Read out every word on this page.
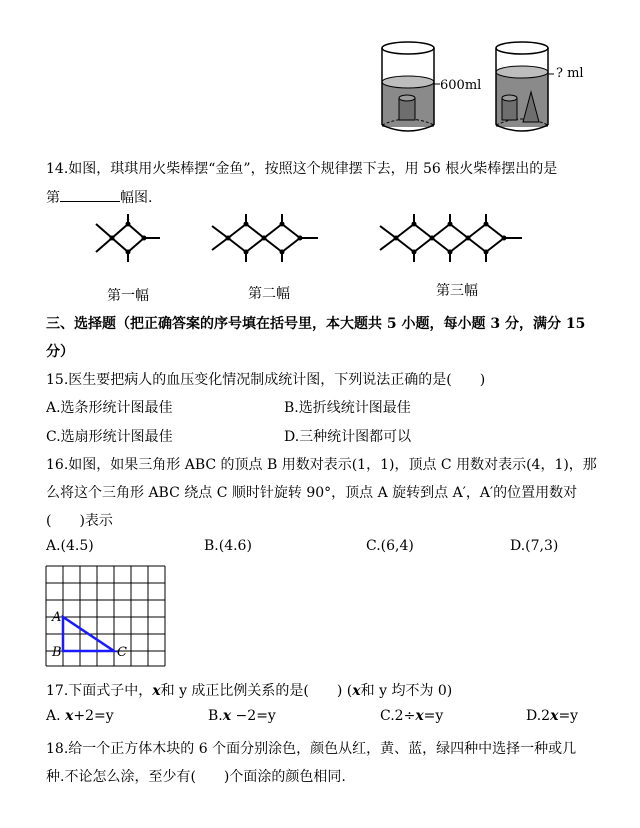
600ml
? ml
14.如图，琪琪用火柴棒摆“金鱼”，按照这个规律摆下去，用 56 根火柴棒摆出的是
第	幅图.
第一幅	第二幅	第三幅
三、选择题（把正确答案的序号填在括号里，本大题共 5 小题，每小题 3 分，满分 15
分）
15.医生要把病人的血压变化情况制成统计图，下列说法正确的是(　　)
A.选条形统计图最佳	B.选折线统计图最佳
C.选扇形统计图最佳	D.三种统计图都可以
16.如图，如果三角形 ABC 的顶点 B 用数对表示(1，1)，顶点 C 用数对表示(4，1)，那
么将这个三角形 ABC 绕点 C 顺时针旋转 90°，顶点 A 旋转到点 A′，A′的位置用数对
(　　)表示
A.(4.5)	B.(4.6)	C.(6,4)	D.(7,3)
A
B	C
17.下面式子中，x和 y 成正比例关系的是(　　) (x和 y 均不为 0)
A. x+2=y	B.x −2=y	C.2÷x=y	D.2x=y
18.给一个正方体木块的 6 个面分别涂色，颜色从红，黄、蓝，绿四种中选择一种或几
种.不论怎么涂，至少有(　　)个面涂的颜色相同.
